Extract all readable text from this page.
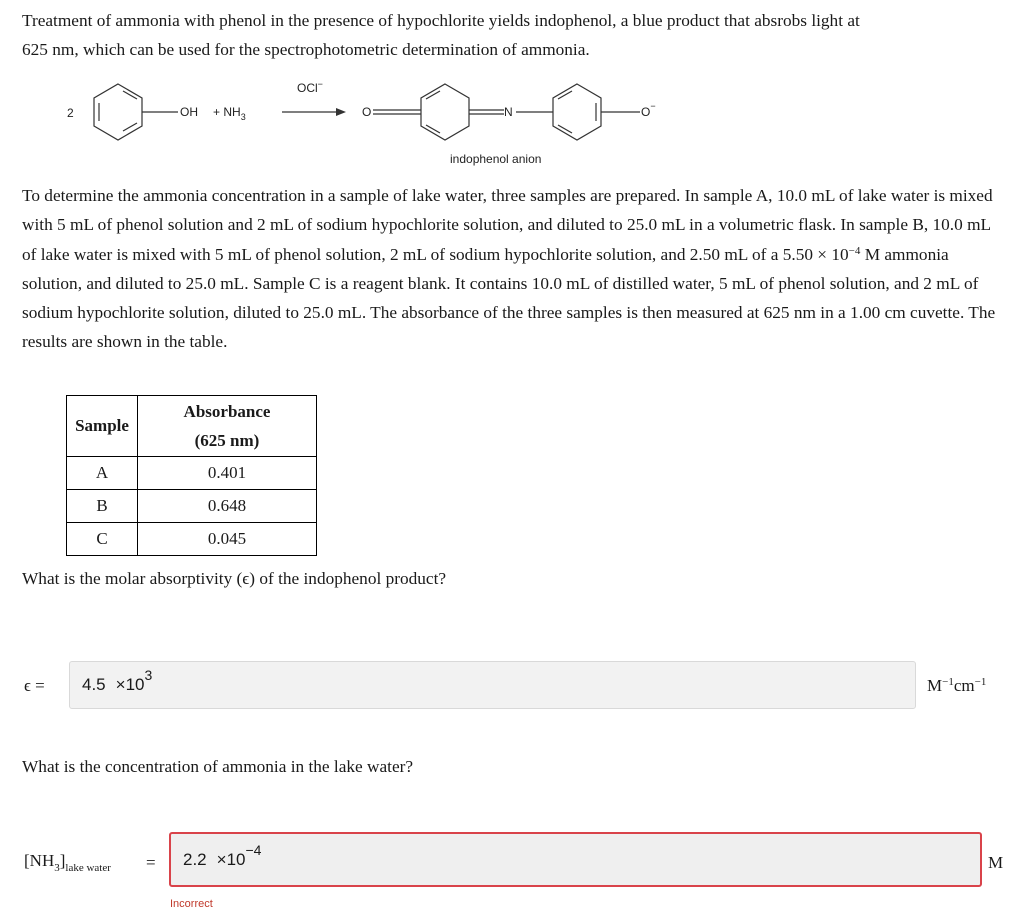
Treatment of ammonia with phenol in the presence of hypochlorite yields indophenol, a blue product that absrobs light at
625 nm, which can be used for the spectrophotometric determination of ammonia.

2	OH + $NH_3$
OCl−
O	N	O−
indophenol anion

To determine the ammonia concentration in a sample of lake water, three samples are prepared. In sample A, 10.0 mL of lake water is mixed with 5 mL of phenol solution and 2 mL of sodium hypochlorite solution, and diluted to 25.0 mL in a volumetric flask. In sample B, 10.0 mL of lake water is mixed with 5 mL of phenol solution, 2 mL of sodium hypochlorite solution, and 2.50 mL of a $5.50 \times 10^{-4}$ M ammonia solution, and diluted to 25.0 mL. Sample C is a reagent blank. It contains 10.0 mL of distilled water, 5 mL of phenol solution, and 2 mL of sodium hypochlorite solution, diluted to 25.0 mL. The absorbance of the three samples is then measured at 625 nm in a 1.00 cm cuvette. The results are shown in the table.

Sample	Absorbance
(625 nm)
A	0.401
B	0.648
C	0.045

What is the molar absorptivity (ϵ) of the indophenol product?

$\epsilon = 4.5 \times 10^3$
$M^{-1}cm^{-1}$

What is the concentration of ammonia in the lake water?

$[NH_3]_{lake water} = 2.2 \times 10^{-4}$
M
Incorrect
